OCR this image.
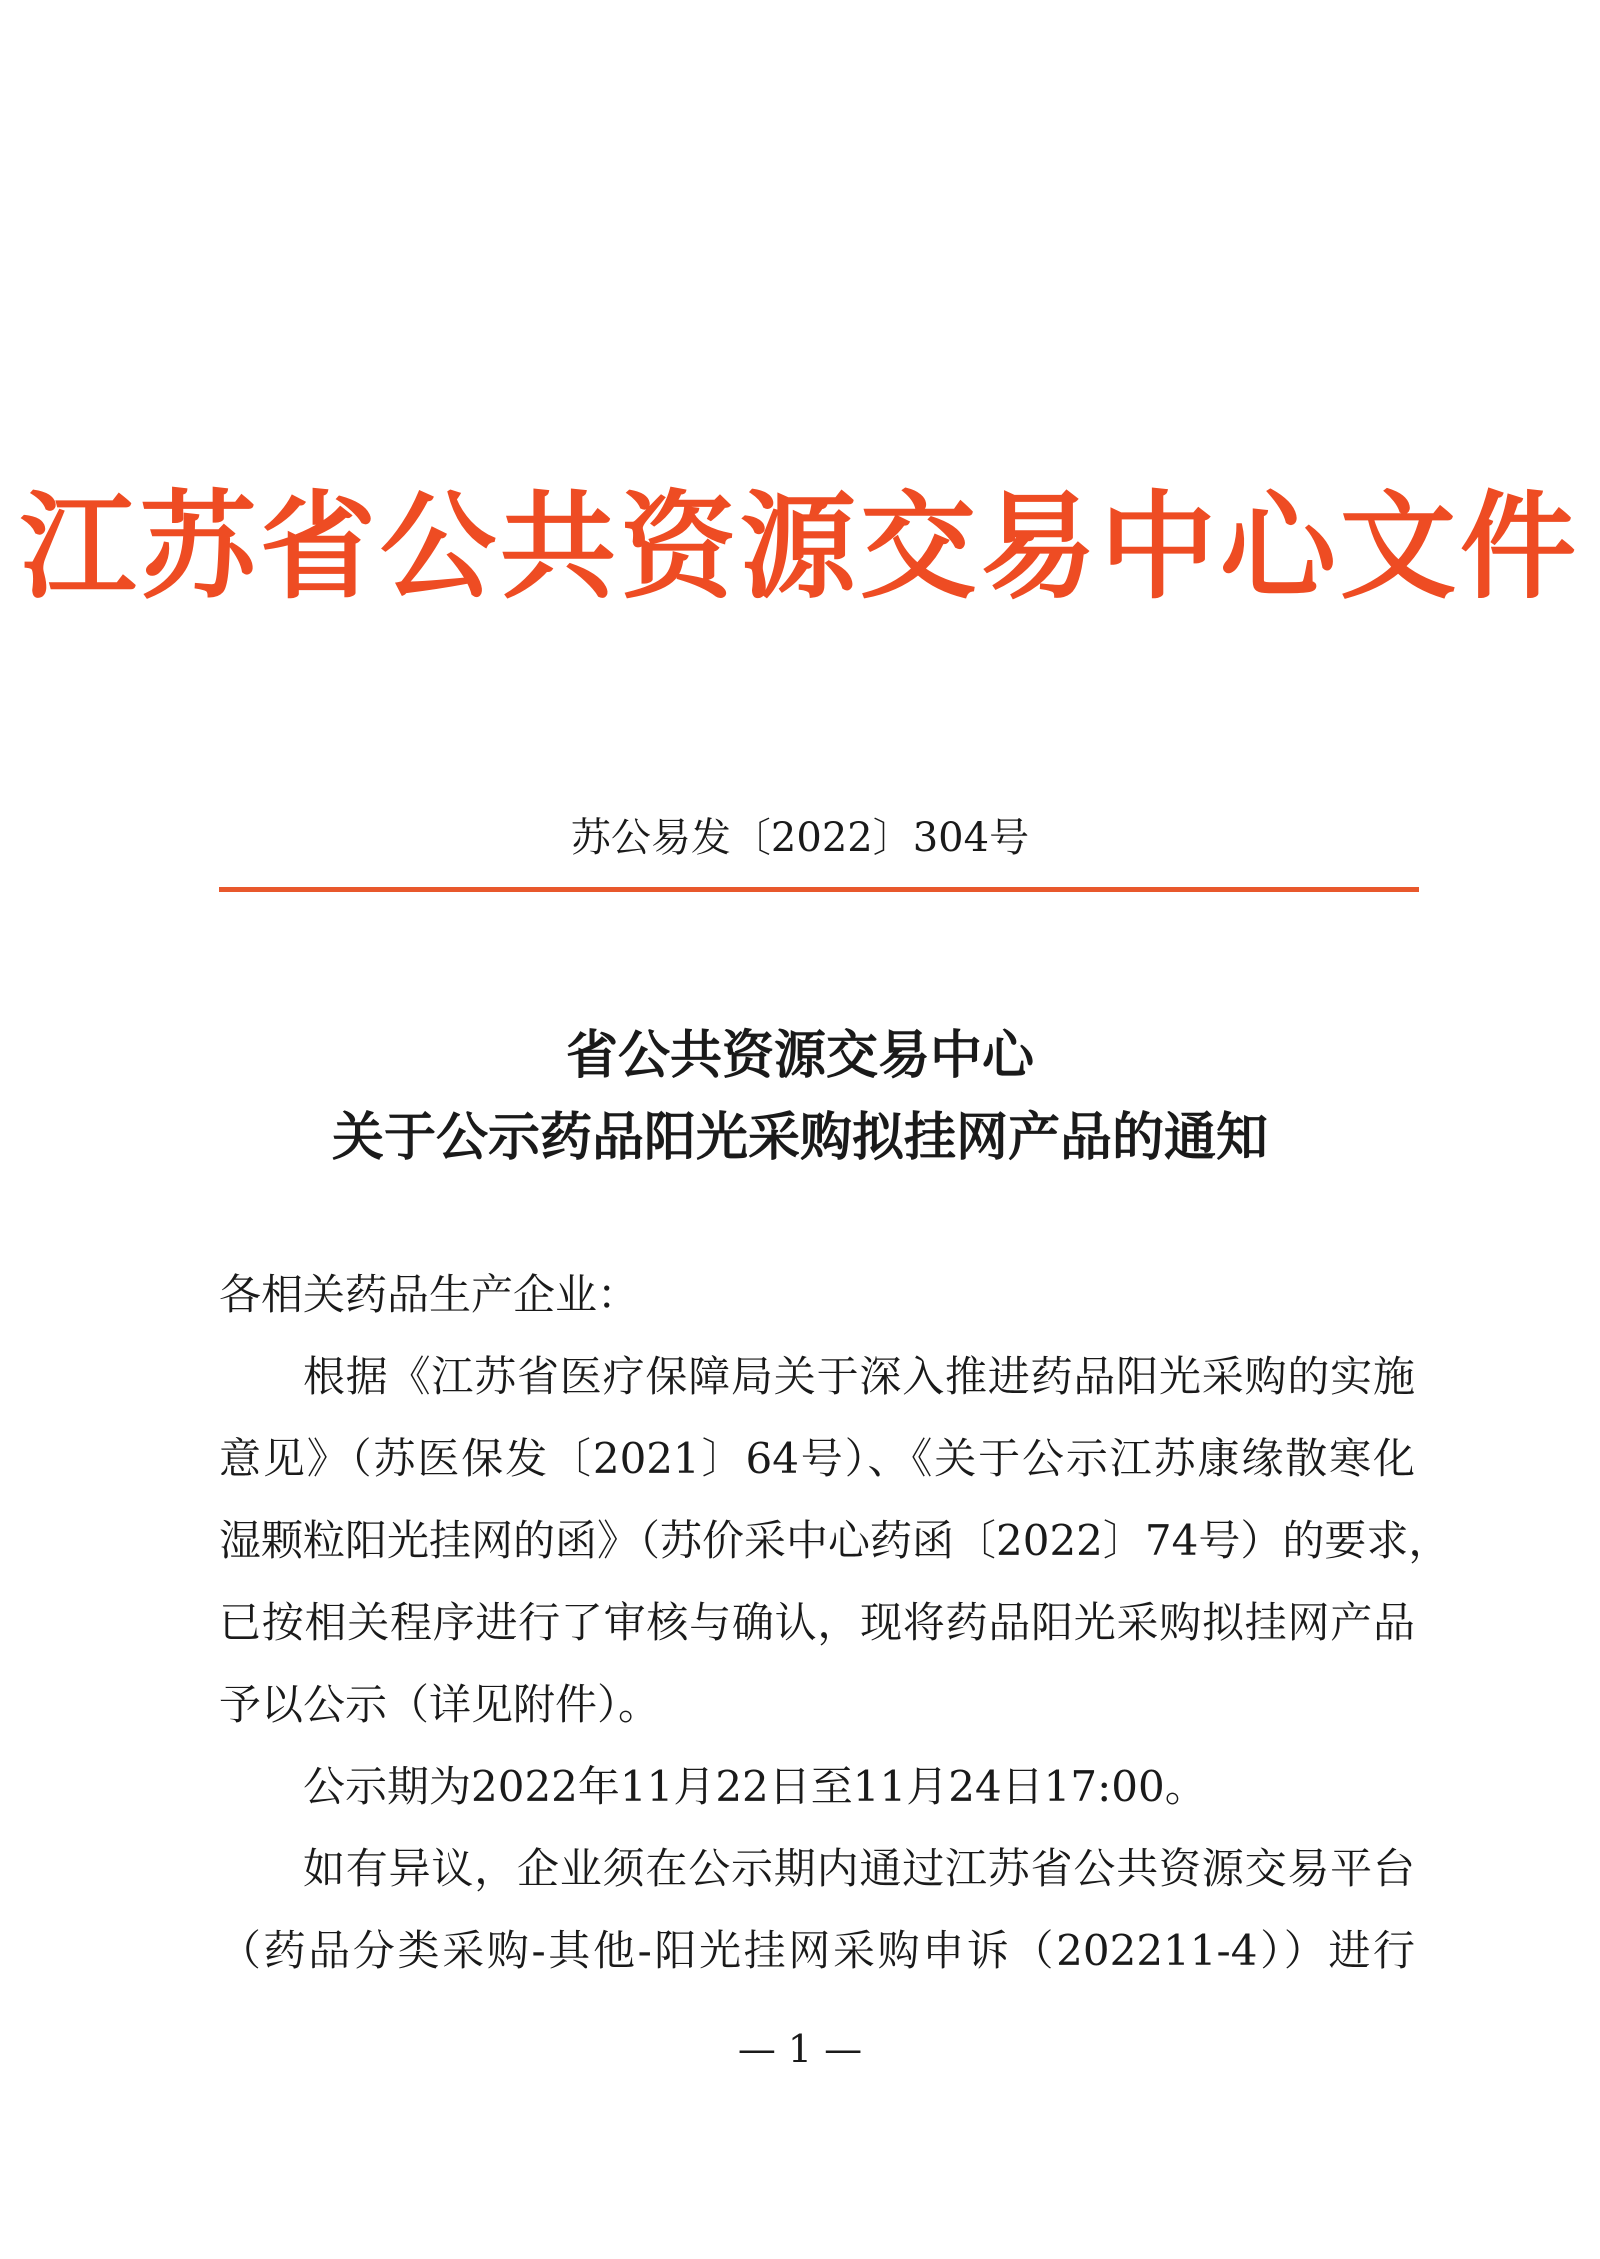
江苏省公共资源交易中心文件
苏公易发〔2022〕304号
省公共资源交易中心
关于公示药品阳光采购拟挂网产品的通知
各相关药品生产企业：
根据《江苏省医疗保障局关于深入推进药品阳光采购的实施
意见》（苏医保发〔2021〕64号）、《关于公示江苏康缘散寒化
湿颗粒阳光挂网的函》（苏价采中心药函〔2022〕74号）的要求，
已按相关程序进行了审核与确认，现将药品阳光采购拟挂网产品
予以公示（详见附件）。
公示期为2022年11月22日至11月24日17:00。
如有异议，企业须在公示期内通过江苏省公共资源交易平台
（药品分类采购-其他-阳光挂网采购申诉（202211-4））进行
— 1 —
